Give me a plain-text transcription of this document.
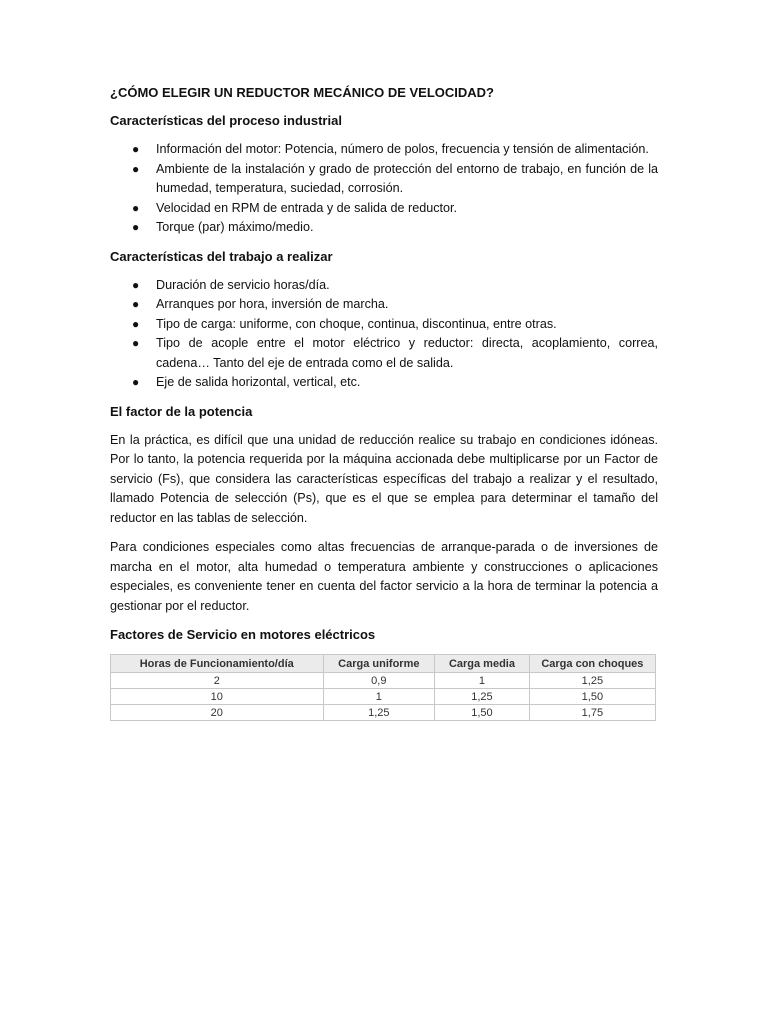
¿CÓMO ELEGIR UN REDUCTOR MECÁNICO DE VELOCIDAD?
Características del proceso industrial
● Información del motor: Potencia, número de polos, frecuencia y tensión de alimentación.
● Ambiente de la instalación y grado de protección del entorno de trabajo, en función de la humedad, temperatura, suciedad, corrosión.
● Velocidad en RPM de entrada y de salida de reductor.
● Torque (par) máximo/medio.
Características del trabajo a realizar
● Duración de servicio horas/día.
● Arranques por hora, inversión de marcha.
● Tipo de carga: uniforme, con choque, continua, discontinua, entre otras.
● Tipo de acople entre el motor eléctrico y reductor: directa, acoplamiento, correa, cadena… Tanto del eje de entrada como el de salida.
● Eje de salida horizontal, vertical, etc.
El factor de la potencia

En la práctica, es difícil que una unidad de reducción realice su trabajo en condiciones idóneas. Por lo tanto, la potencia requerida por la máquina accionada debe multiplicarse por un Factor de servicio (Fs), que considera las características específicas del trabajo a realizar y el resultado, llamado Potencia de selección (Ps), que es el que se emplea para determinar el tamaño del reductor en las tablas de selección.

Para condiciones especiales como altas frecuencias de arranque-parada o de inversiones de marcha en el motor, alta humedad o temperatura ambiente y construcciones o aplicaciones especiales, es conveniente tener en cuenta del factor servicio a la hora de terminar la potencia a gestionar por el reductor.

Factores de Servicio en motores eléctricos
Horas de Funcionamiento/día	Carga uniforme	Carga media	Carga con choques
2	0,9	1	1,25
10	1	1,25	1,50
20	1,25	1,50	1,75
